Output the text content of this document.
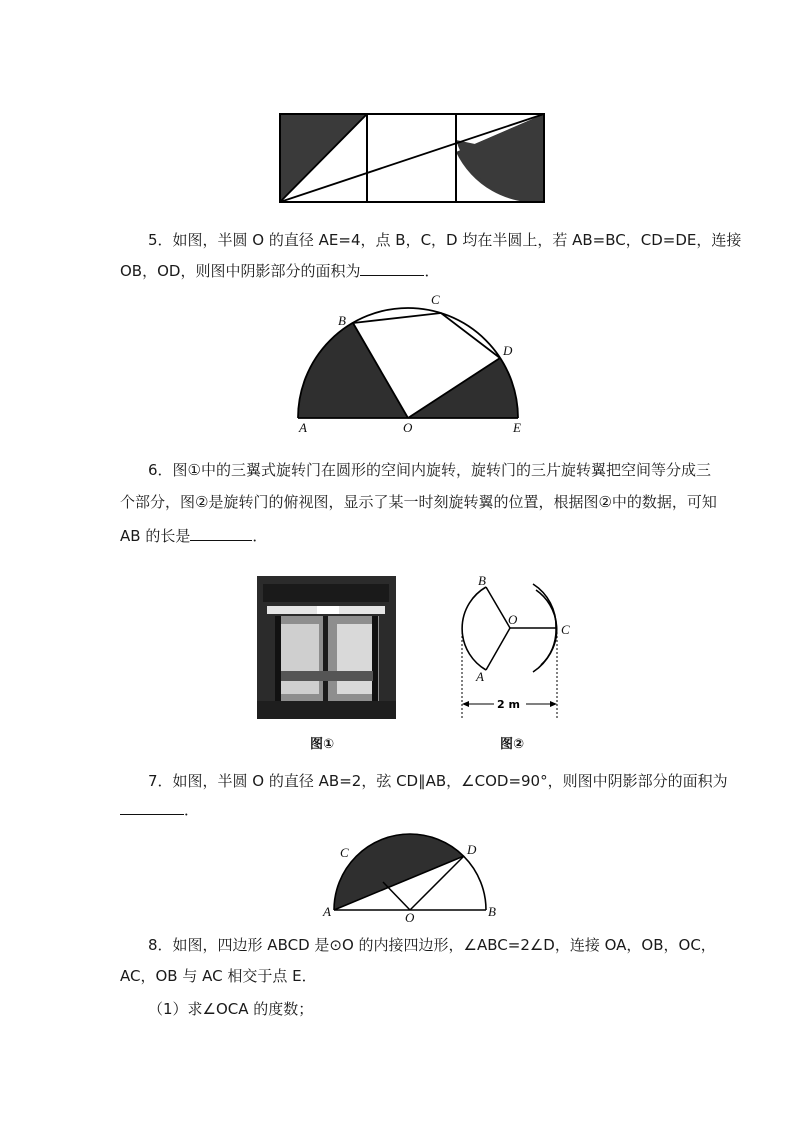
5．如图，半圆 O 的直径 AE=4，点 B，C，D 均在半圆上，若 AB=BC，CD=DE，连接
OB，OD，则图中阴影部分的面积为	．
A
B
C
D
O	E
6．图①中的三翼式旋转门在圆形的空间内旋转，旋转门的三片旋转翼把空间等分成三
个部分，图②是旋转门的俯视图，显示了某一时刻旋转翼的位置，根据图②中的数据，可知
AB 的长是	．
图①
2 m
B
O
C
A
图②
7．如图，半圆 O 的直径 AB=2，弦 CD∥AB，∠COD=90°，则图中阴影部分的面积为
．
C	D
A	O	B
8．如图，四边形 ABCD 是⊙O 的内接四边形，∠ABC=2∠D，连接 OA，OB，OC，
AC，OB 与 AC 相交于点 E．
（1）求∠OCA 的度数；
